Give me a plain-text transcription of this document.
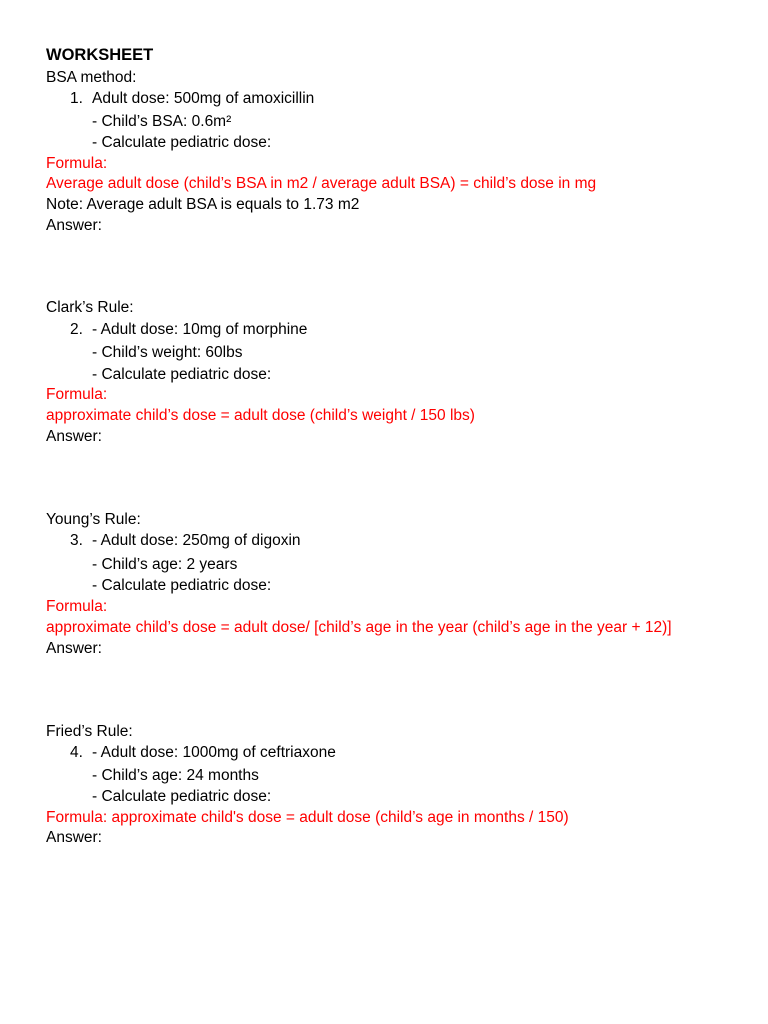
WORKSHEET
BSA method:
1. Adult dose: 500mg of amoxicillin
- Child’s BSA: 0.6m²
- Calculate pediatric dose:
Formula:
Average adult dose (child’s BSA in m2 / average adult BSA) = child’s dose in mg
Note: Average adult BSA is equals to 1.73 m2
Answer:
Clark’s Rule:
2. - Adult dose: 10mg of morphine
- Child’s weight: 60lbs
- Calculate pediatric dose:
Formula:
approximate child’s dose = adult dose (child’s weight / 150 lbs)
Answer:
Young’s Rule:
3. - Adult dose: 250mg of digoxin
- Child’s age: 2 years
- Calculate pediatric dose:
Formula:
approximate child’s dose = adult dose/ [child’s age in the year (child’s age in the year + 12)]
Answer:
Fried’s Rule:
4. - Adult dose: 1000mg of ceftriaxone
- Child’s age: 24 months
- Calculate pediatric dose:
Formula: approximate child's dose = adult dose (child’s age in months / 150)
Answer:
